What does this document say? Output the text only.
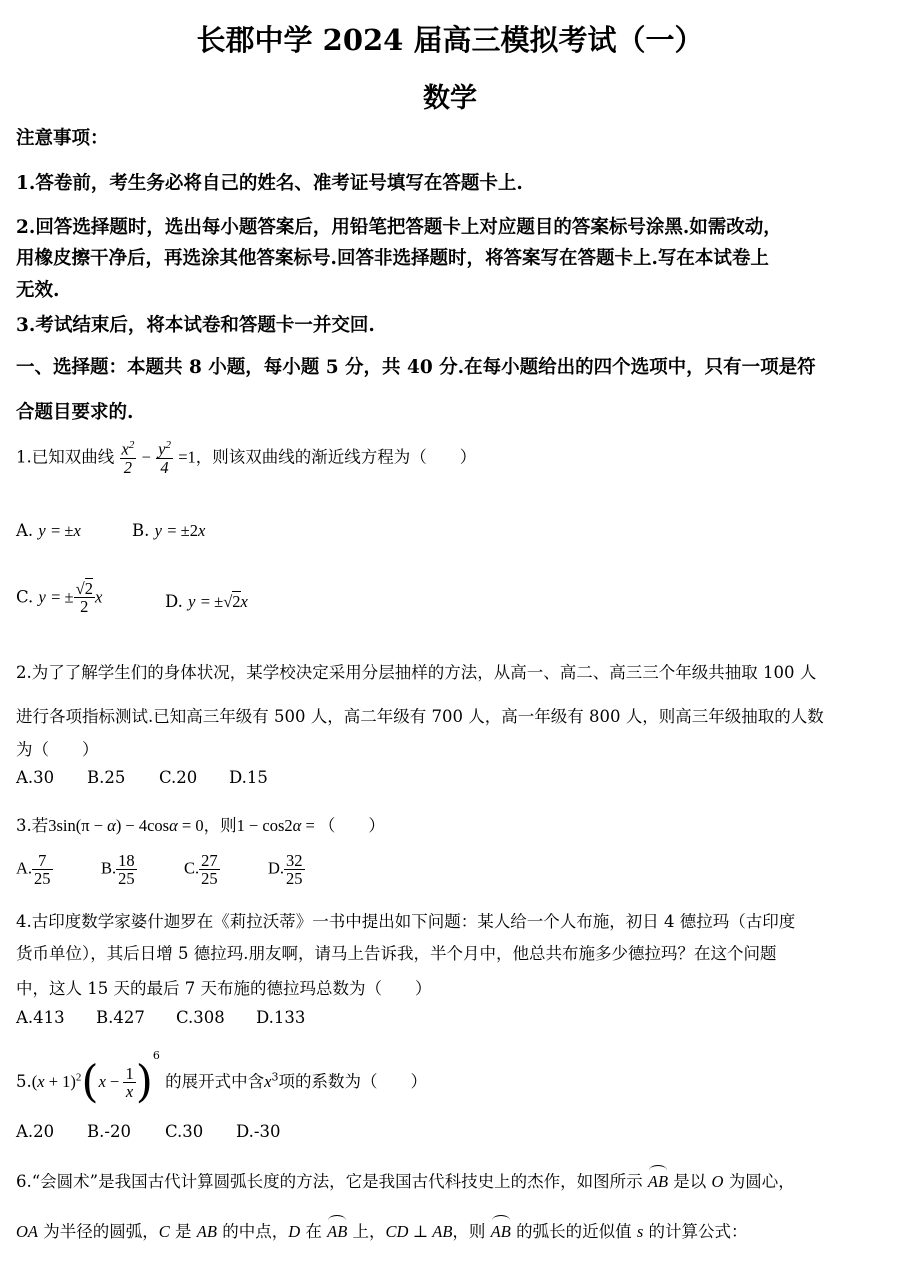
长郡中学 2024 届高三模拟考试（一）
数学
注意事项：
1.答卷前，考生务必将自己的姓名、准考证号填写在答题卡上.
2.回答选择题时，选出每小题答案后，用铅笔把答题卡上对应题目的答案标号涂黑.如需改动，
用橡皮擦干净后，再选涂其他答案标号.回答非选择题时，将答案写在答题卡上.写在本试卷上
无效.
3.考试结束后，将本试卷和答题卡一并交回.
一、选择题：本题共 8 小题，每小题 5 分，共 40 分.在每小题给出的四个选项中，只有一项是符
合题目要求的.
1.已知双曲线 $\frac{x^2}{2} - \frac{y^2}{4} =1$，则该双曲线的渐近线方程为（　　）
A. y = ±x	B. y = ±2x
C. y = ± $\frac{√2}{2}$ x	D. y = ±√2x
2.为了了解学生们的身体状况，某学校决定采用分层抽样的方法，从高一、高二、高三三个年级共抽取 100 人
进行各项指标测试.已知高三年级有 500 人，高二年级有 700 人，高一年级有 800 人，则高三年级抽取的人数
为（　　）
A.30 B.25 C.20 D.15
3.若3sin(π − α) − 4cosα = 0，则1 − cos2α = （　　）
A. $\frac{7}{25}$	B. $\frac{18}{25}$	C. $\frac{27}{25}$	D. $\frac{32}{25}$
4.古印度数学家婆什迦罗在《莉拉沃蒂》一书中提出如下问题：某人给一个人布施，初日 4 德拉玛（古印度
货币单位），其后日增 5 德拉玛.朋友啊，请马上告诉我，半个月中，他总共布施多少德拉玛？在这个问题
中，这人 15 天的最后 7 天布施的德拉玛总数为（　　）
A.413 B.427 C.308 D.133
$5.(x + 1)^2(x - \frac{1}{x} )^6$ 的展开式中含$x^3$项的系数为（　　）
A.20 B.-20 C.30 D.-30
6.“会圆术”是我国古代计算圆弧长度的方法，它是我国古代科技史上的杰作，如图所示 AB 是以 O 为圆心，
OA 为半径的圆弧，C 是 AB 的中点，D 在 AB 上，CD ⊥ AB，则 AB 的弧长的近似值 s 的计算公式：
